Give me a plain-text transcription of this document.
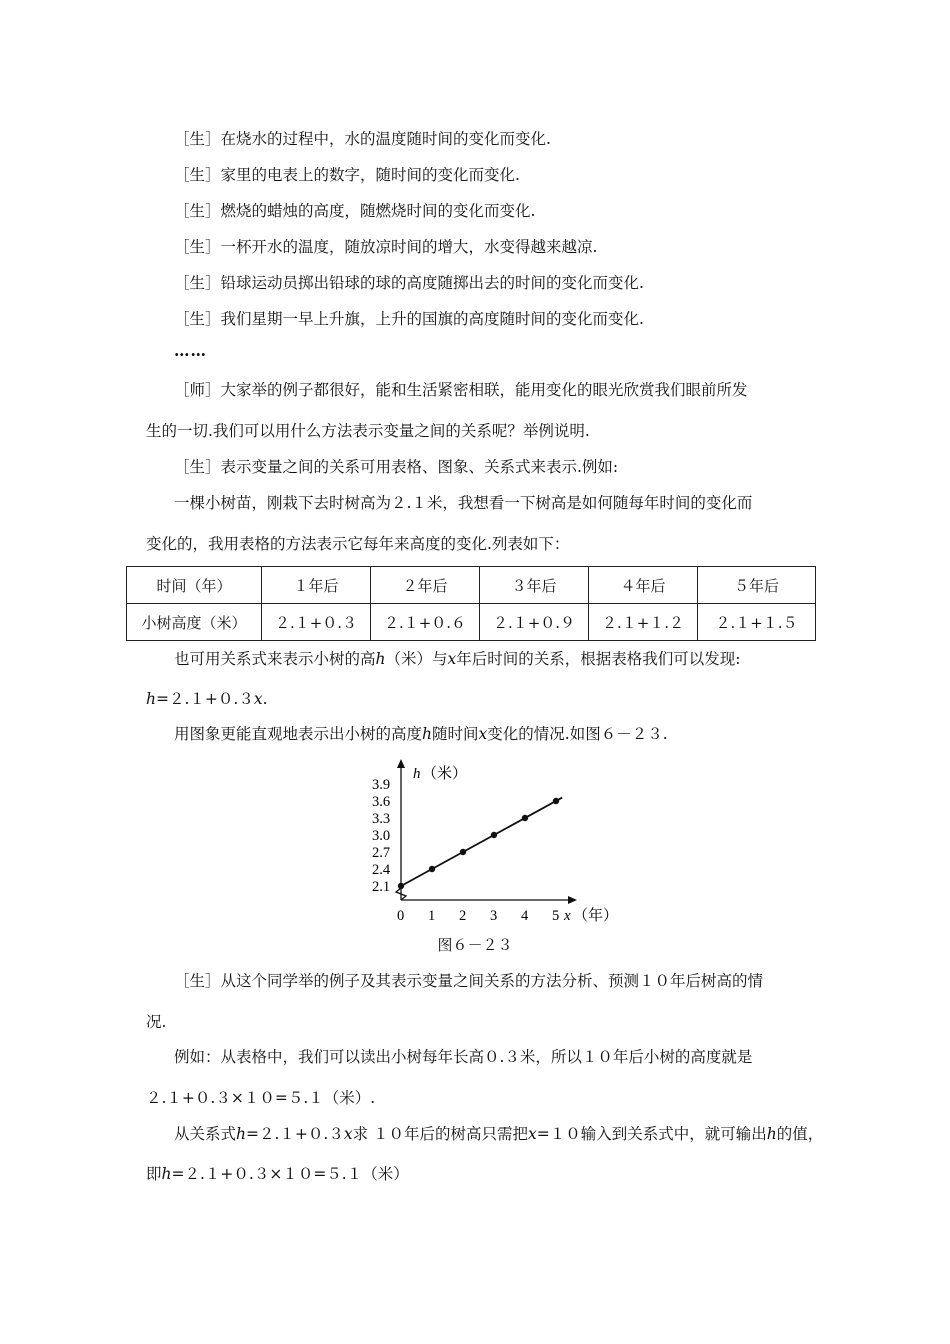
［生］在烧水的过程中，水的温度随时间的变化而变化.
［生］家里的电表上的数字，随时间的变化而变化.
［生］燃烧的蜡烛的高度，随燃烧时间的变化而变化.
［生］一杯开水的温度，随放凉时间的增大，水变得越来越凉.
［生］铅球运动员掷出铅球的球的高度随掷出去的时间的变化而变化.
［生］我们星期一早上升旗，上升的国旗的高度随时间的变化而变化.
……
［师］大家举的例子都很好，能和生活紧密相联，能用变化的眼光欣赏我们眼前所发
生的一切.我们可以用什么方法表示变量之间的关系呢？举例说明.
［生］表示变量之间的关系可用表格、图象、关系式来表示.例如:
一棵小树苗，刚栽下去时树高为２.１米，我想看一下树高是如何随每年时间的变化而
变化的，我用表格的方法表示它每年来高度的变化.列表如下：
时间（年）	１年后	２年后	３年后	４年后	５年后
小树高度（米）	２.１+０.３	２.１+０.６	２.１+０.９	２.１+１.２	２.１+１.５
也可用关系式来表示小树的高h（米）与x年后时间的关系，根据表格我们可以发现:
h=２.１+０.３x.
用图象更能直观地表示出小树的高度h随时间x变化的情况.如图６－２３.
h （米）
x （年）
2.1
2.4
2.7
3.0
3.3
3.6
3.9
0 1 2 3 4 5
图６－２３
［生］从这个同学举的例子及其表示变量之间关系的方法分析、预测１０年后树高的情
况.
例如：从表格中，我们可以读出小树每年长高０.３米，所以１０年后小树的高度就是
２.１+０.３×１０=５.１（米）.
从关系式h=２.１+０.３x求 １０年后的树高只需把x=１０输入到关系式中，就可输出h的值，
即h=２.１+０.３×１０=５.１（米）
